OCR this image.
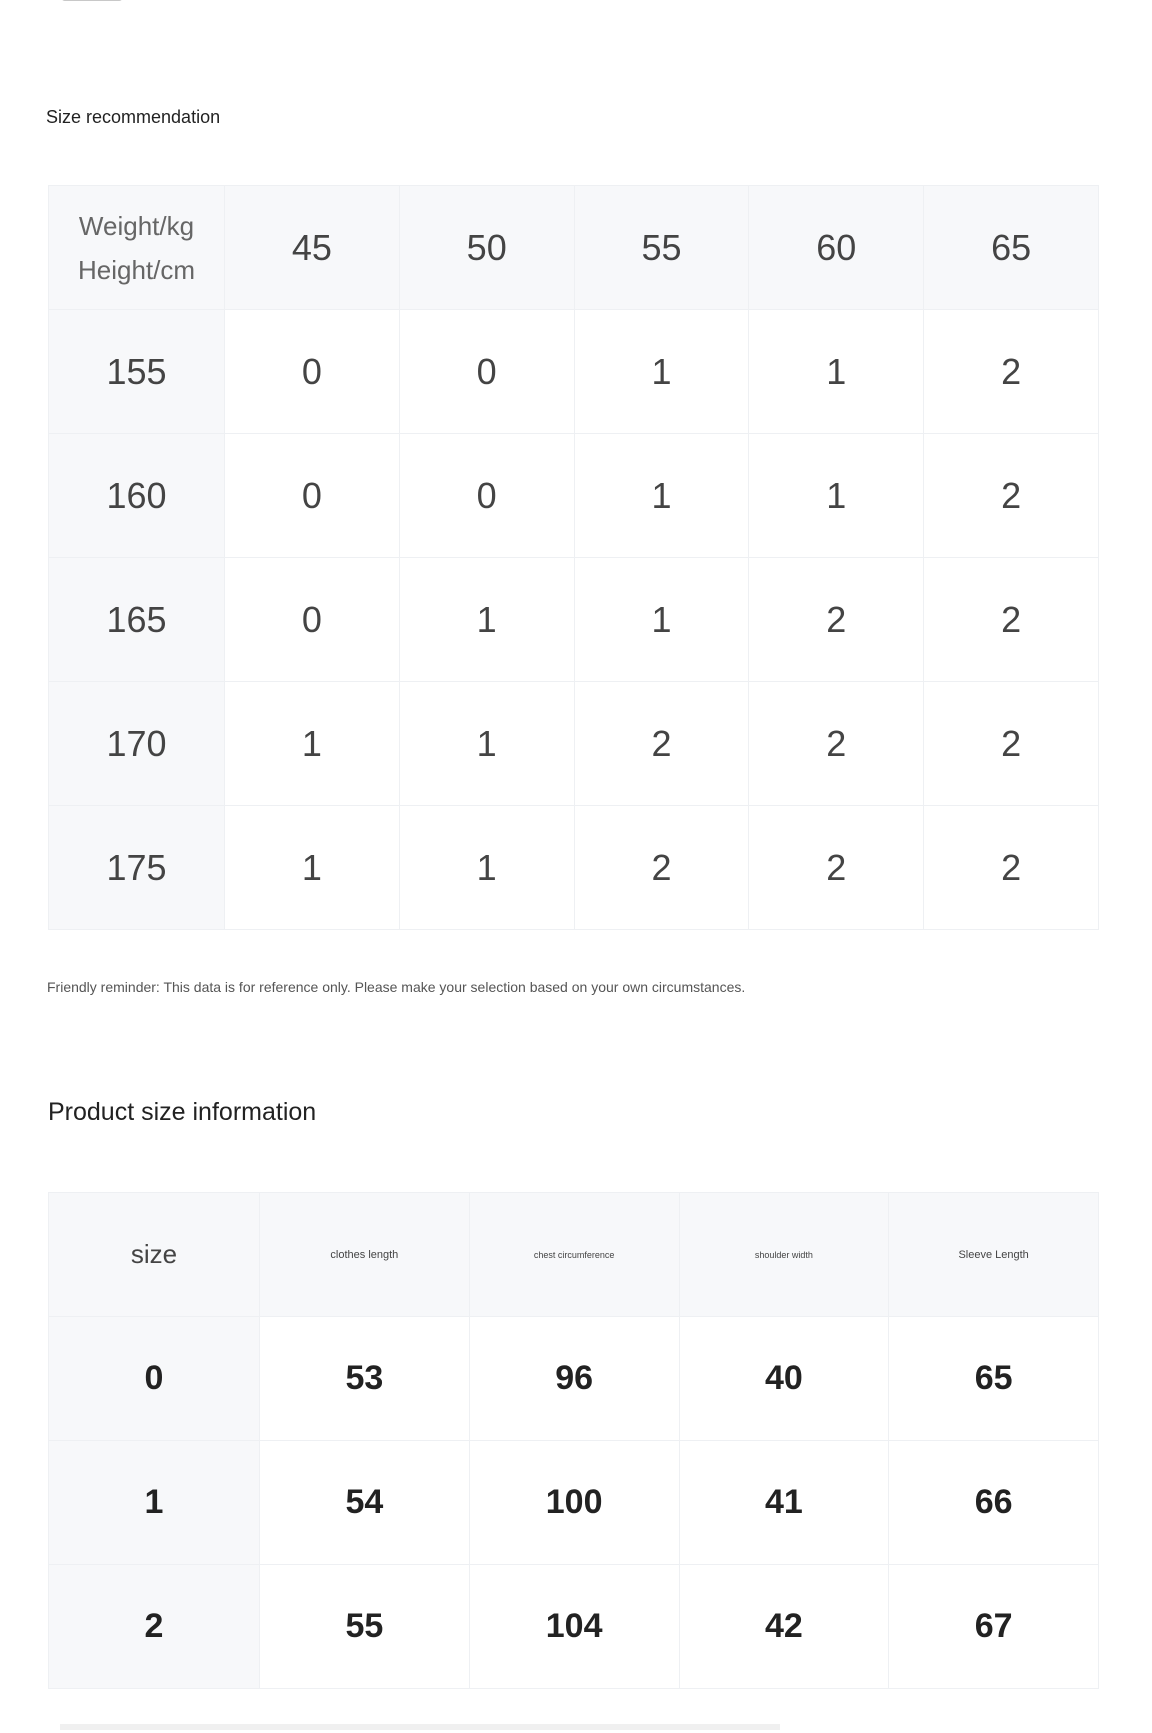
Size recommendation
Weight/kg
Height/cm	45	50	55	60	65
155	0	0	1	1	2
160	0	0	1	1	2
165	0	1	1	2	2
170	1	1	2	2	2
175	1	1	2	2	2
Friendly reminder: This data is for reference only. Please make your selection based on your own circumstances.
Product size information
size	clothes length	chest circumference	shoulder width	Sleeve Length
0	53	96	40	65
1	54	100	41	66
2	55	104	42	67
